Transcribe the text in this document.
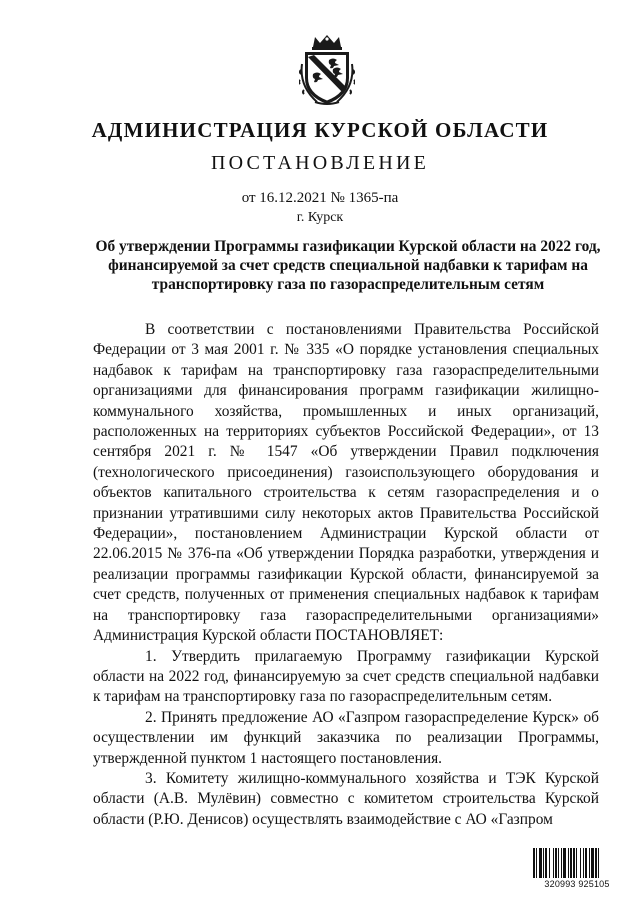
АДМИНИСТРАЦИЯ КУРСКОЙ ОБЛАСТИ
ПОСТАНОВЛЕНИЕ
от 16.12.2021 № 1365-па
г. Курск
Об утверждении Программы газификации Курской области на 2022 год, финансируемой за счет средств специальной надбавки к тарифам на транспортировку газа по газораспределительным сетям

В соответствии с постановлениями Правительства Российской Федерации от 3 мая 2001 г. № 335 «О порядке установления специальных надбавок к тарифам на транспортировку газа газораспределительными организациями для финансирования программ газификации жилищно-коммунального хозяйства, промышленных и иных организаций, расположенных на территориях субъектов Российской Федерации», от 13 сентября 2021 г. № 1547 «Об утверждении Правил подключения (технологического присоединения) газоиспользующего оборудования и объектов капитального строительства к сетям газораспределения и о признании утратившими силу некоторых актов Правительства Российской Федерации», постановлением Администрации Курской области от 22.06.2015 № 376-па «Об утверждении Порядка разработки, утверждения и реализации программы газификации Курской области, финансируемой за счет средств, полученных от применения специальных надбавок к тарифам на транспортировку газа газораспределительными организациями» Администрация Курской области ПОСТАНОВЛЯЕТ:

1. Утвердить прилагаемую Программу газификации Курской области на 2022 год, финансируемую за счет средств специальной надбавки к тарифам на транспортировку газа по газораспределительным сетям.

2. Принять предложение АО «Газпром газораспределение Курск» об осуществлении им функций заказчика по реализации Программы, утвержденной пунктом 1 настоящего постановления.

3. Комитету жилищно-коммунального хозяйства и ТЭК Курской области (А.В. Мулёвин) совместно с комитетом строительства Курской области (Р.Ю. Денисов) осуществлять взаимодействие с АО «Газпром

320993 925105
